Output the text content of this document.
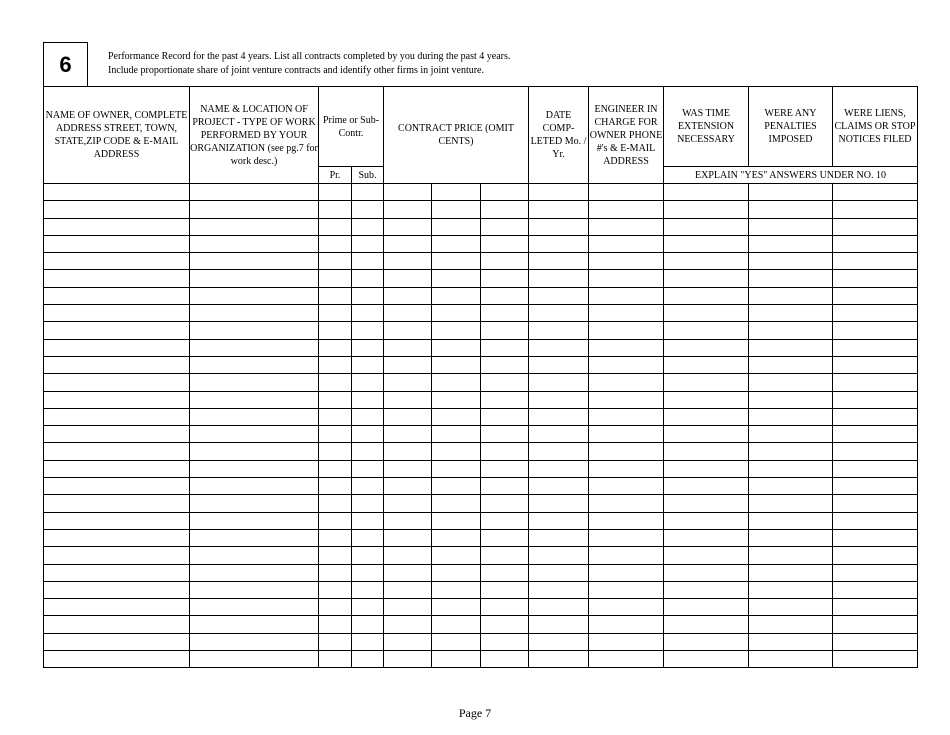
6	Performance Record for the past 4 years. List all contracts completed by you during the past 4 years.
Include proportionate share of joint venture contracts and identify other firms in joint venture.
NAME OF OWNER, COMPLETE ADDRESS STREET, TOWN, STATE,ZIP CODE & E-MAIL ADDRESS	NAME & LOCATION OF PROJECT - TYPE OF WORK PERFORMED BY YOUR ORGANIZATION (see pg.7 for work desc.)	Prime or Sub-Contr.		CONTRACT PRICE (OMIT CENTS)			DATE COMP-LETED Mo. / Yr.	ENGINEER IN CHARGE FOR OWNER PHONE #'s & E-MAIL ADDRESS	WAS TIME EXTENSION NECESSARY	WERE ANY PENALTIES IMPOSED	WERE LIENS, CLAIMS OR STOP NOTICES FILED
		Pr.	Sub.						EXPLAIN "YES" ANSWERS UNDER NO. 10		

Page 7
